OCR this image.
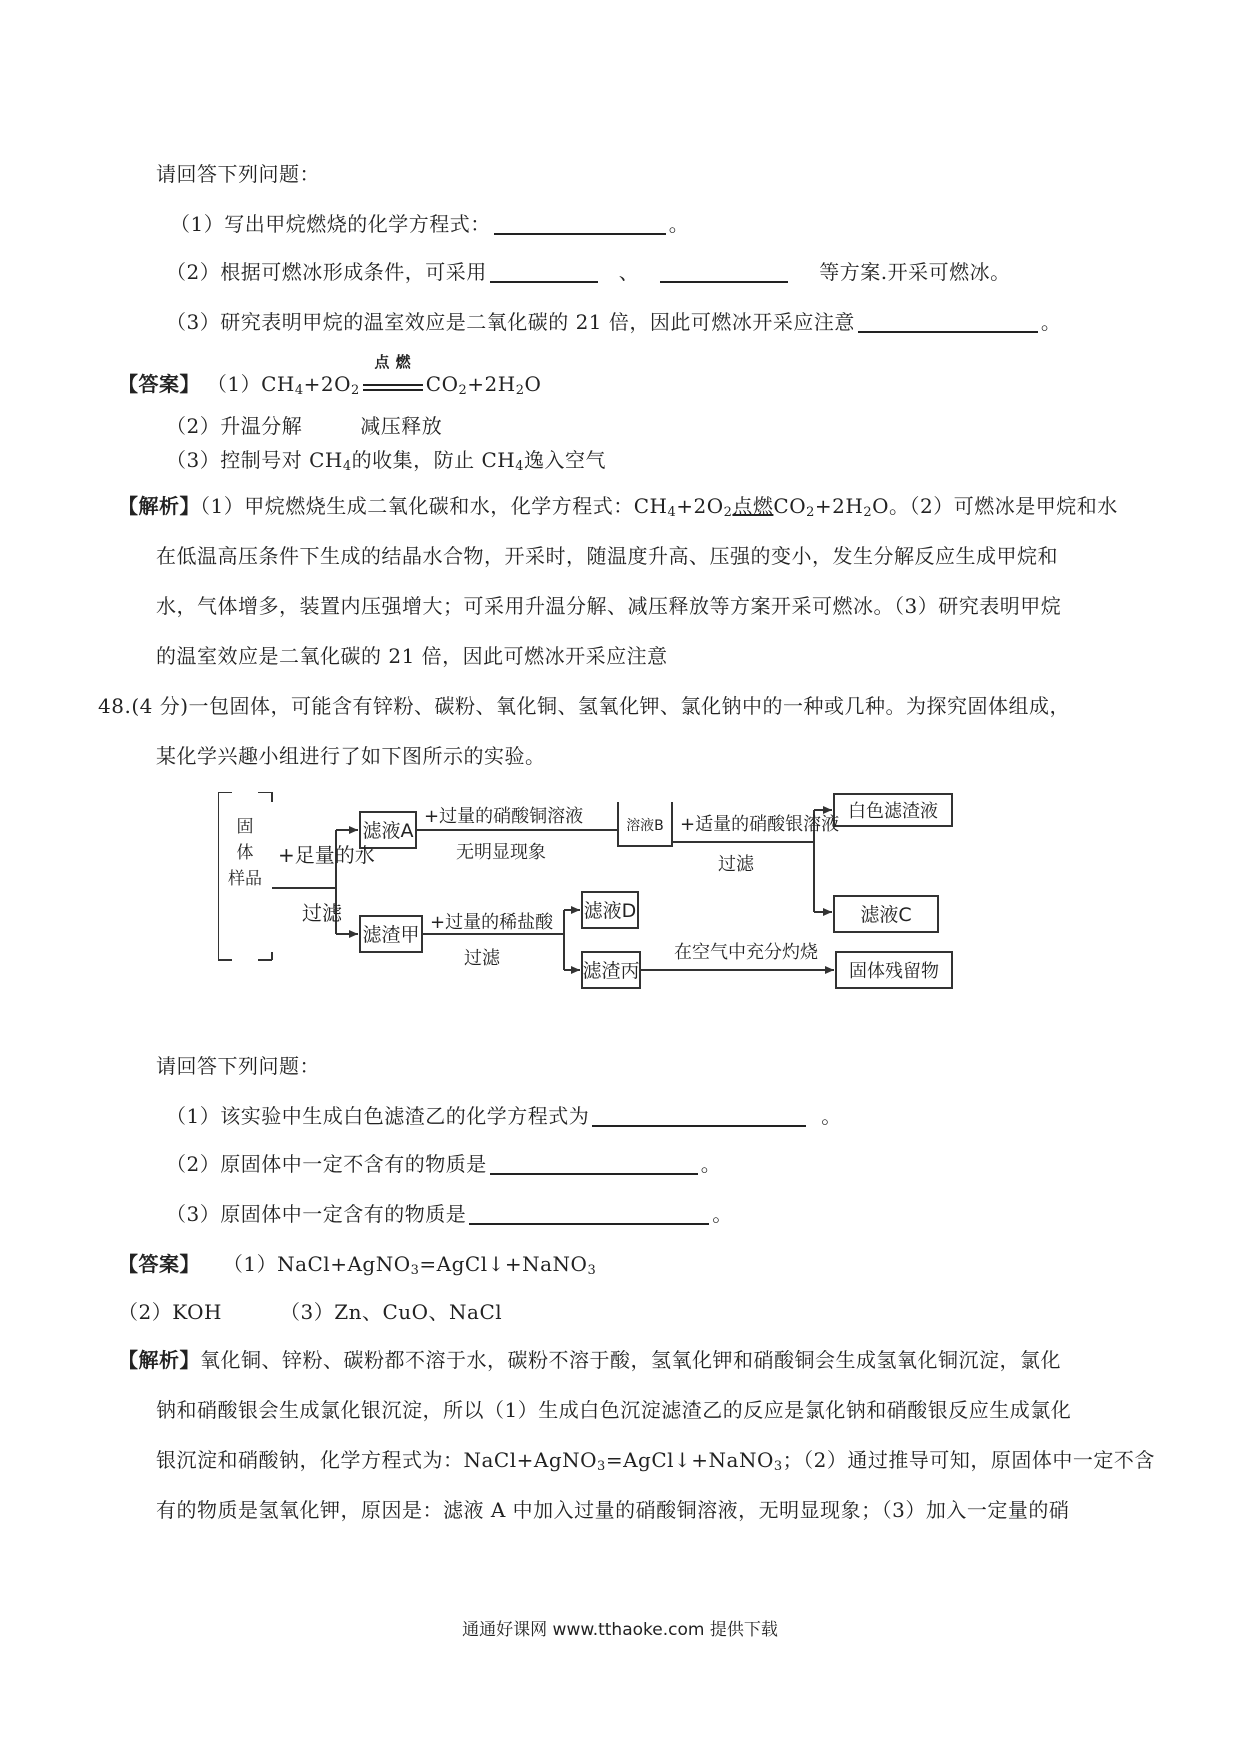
请回答下列问题：
（1）写出甲烷燃烧的化学方程式：	。
（2）根据可燃冰形成条件，可采用	、	等方案.开采可燃冰。
（3）研究表明甲烷的温室效应是二氧化碳的 21 倍，因此可燃冰开采应注意	。
【答案】 $(1)CH_4+2O_2$
点 燃
$CO_2+2H_2O$
（2）升温分解	减压释放
（3）控制号对 $CH_4$的收集，防止 $CH_4$逸入空气
【解析】（1）甲烷燃烧生成二氧化碳和水，化学方程式：$CH_4+2O_2$点燃$CO_2+2H_2O$。（2）可燃冰是甲烷和水
在低温高压条件下生成的结晶水合物，开采时，随温度升高、压强的变小，发生分解反应生成甲烷和
水，气体增多，装置内压强增大；可采用升温分解、减压释放等方案开采可燃冰。（3）研究表明甲烷
的温室效应是二氧化碳的 21 倍，因此可燃冰开采应注意
48.(4 分)一包固体，可能含有锌粉、碳粉、氧化铜、氢氧化钾、氯化钠中的一种或几种。为探究固体组成，
某化学兴趣小组进行了如下图所示的实验。
固
体
样品
+足量的水
过滤
滤液A
滤渣甲
+过量的硝酸铜溶液
无明显现象
溶液B
+过量的稀盐酸
过滤
滤液D
滤渣丙
+适量的硝酸银溶液
过滤
白色滤渣液
滤液C
在空气中充分灼烧
固体残留物
请回答下列问题：
（1）该实验中生成白色滤渣乙的化学方程式为	。
（2）原固体中一定不含有的物质是	。
（3）原固体中一定含有的物质是	。
【答案】 （1）NaCl+AgNO$_3$=AgCl↓+NaNO$_3$
（2）KOH	（3）Zn、CuO、NaCl
【解析】氧化铜、锌粉、碳粉都不溶于水，碳粉不溶于酸，氢氧化钾和硝酸铜会生成氢氧化铜沉淀，氯化
钠和硝酸银会生成氯化银沉淀，所以（1）生成白色沉淀滤渣乙的反应是氯化钠和硝酸银反应生成氯化
银沉淀和硝酸钠，化学方程式为：NaCl+AgNO$_3$=AgCl↓+NaNO$_3$；（2）通过推导可知，原固体中一定不含
有的物质是氢氧化钾，原因是：滤液 A 中加入过量的硝酸铜溶液，无明显现象；（3）加入一定量的硝
通通好课网 www.tthaoke.com 提供下载
